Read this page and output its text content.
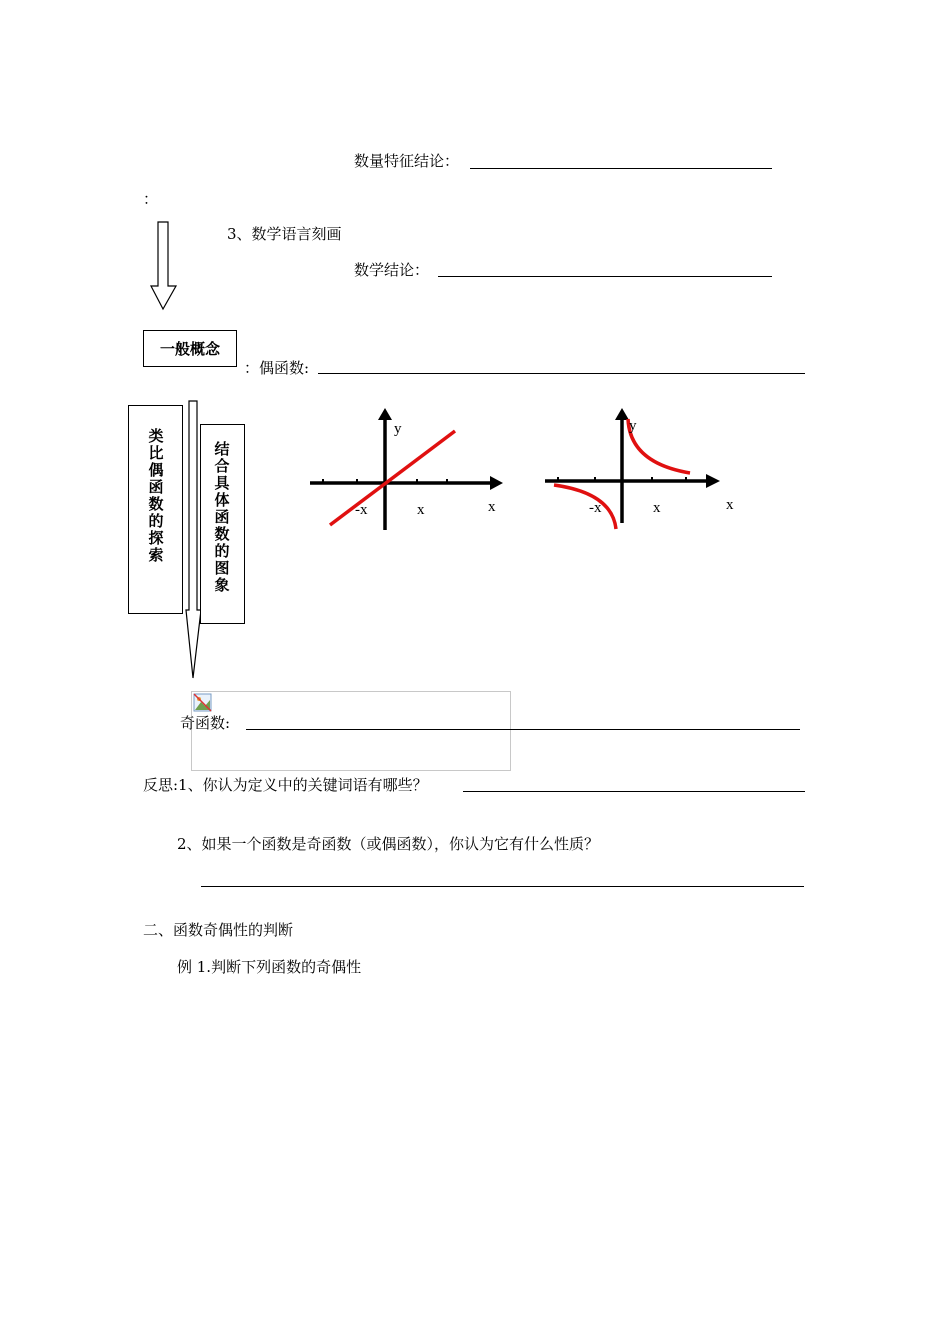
数量特征结论：
：
3、数学语言刻画
数学结论：
一般概念
：偶函数:
类比偶函数的探索
结合具体函数的图象
y
-x	x	x
y
-x	x	x
奇函数:
反思:1、你认为定义中的关键词语有哪些？
2、如果一个函数是奇函数（或偶函数），你认为它有什么性质？
二、函数奇偶性的判断
例 1.判断下列函数的奇偶性
